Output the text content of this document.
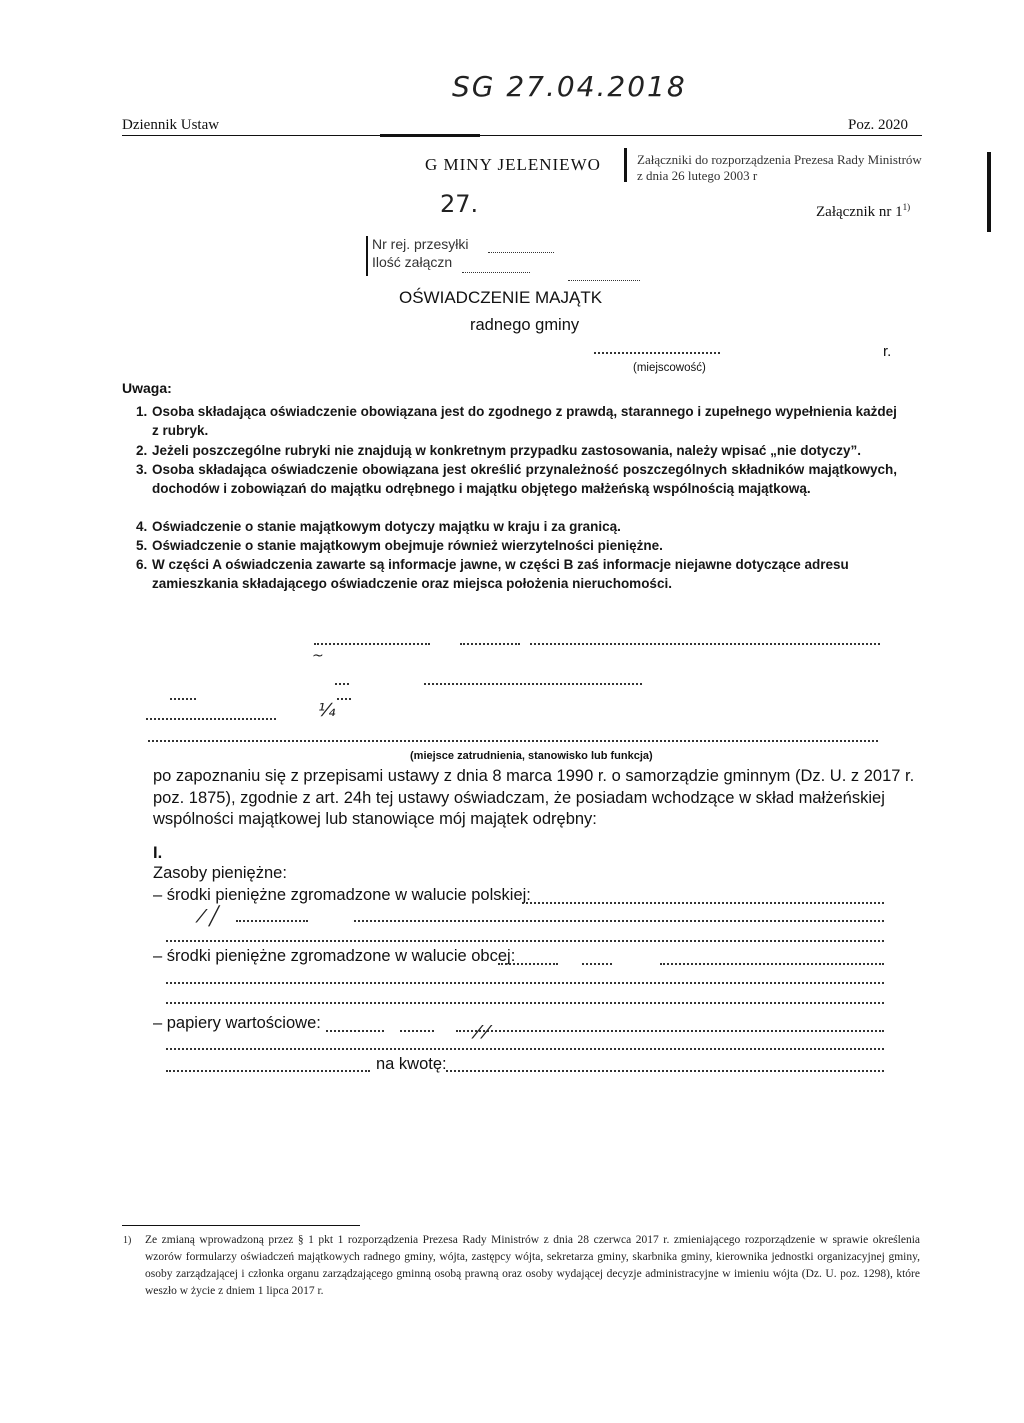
SG 27.04.2018
Dziennik Ustaw	Poz. 2020
G MINY JELENIEWO	Załączniki do rozporządzenia Prezesa Rady Ministrów
z dnia 26 lutego 2003 r
27.	Załącznik nr 1$^{1)}$
Nr rej. przesyłki
Ilość załączn
OŚWIADCZENIE MAJĄTK
radnego gminy
r.
(miejscowość)
Uwaga:
1. Osoba składająca oświadczenie obowiązana jest do zgodnego z prawdą, starannego i zupełnego wypełnienia każdej z rubryk.
2. Jeżeli poszczególne rubryki nie znajdują w konkretnym przypadku zastosowania, należy wpisać „nie dotyczy”.
3. Osoba składająca oświadczenie obowiązana jest określić przynależność poszczególnych składników majątkowych, dochodów i zobowiązań do majątku odrębnego i majątku objętego małżeńską wspólnością majątkową.
4. Oświadczenie o stanie majątkowym dotyczy majątku w kraju i za granicą.
5. Oświadczenie o stanie majątkowym obejmuje również wierzytelności pieniężne.
6. W części A oświadczenia zawarte są informacje jawne, w części B zaś informacje niejawne dotyczące adresu zamieszkania składającego oświadczenie oraz miejsca położenia nieruchomości.
~
¼
(miejsce zatrudnienia, stanowisko lub funkcja)
po zapoznaniu się z przepisami ustawy z dnia 8 marca 1990 r. o samorządzie gminnym (Dz. U. z 2017 r.
poz. 1875), zgodnie z art. 24h tej ustawy oświadczam, że posiadam wchodzące w skład małżeńskiej
wspólności majątkowej lub stanowiące mój majątek odrębny:
I.
Zasoby pieniężne:
– środki pieniężne zgromadzone w walucie polskiej:
⁄ ╱
– środki pieniężne zgromadzone w walucie obcej:
– papiery wartościowe:	⁄ ⁄
na kwotę:
1) Ze zmianą wprowadzoną przez § 1 pkt 1 rozporządzenia Prezesa Rady Ministrów z dnia 28 czerwca 2017 r. zmieniającego rozporządzenie w sprawie określenia wzorów formularzy oświadczeń majątkowych radnego gminy, wójta, zastępcy wójta, sekretarza gminy, skarbnika gminy, kierownika jednostki organizacyjnej gminy, osoby zarządzającej i członka organu zarządzającego gminną osobą prawną oraz osoby wydającej decyzje administracyjne w imieniu wójta (Dz. U. poz. 1298), które weszło w życie z dniem 1 lipca 2017 r.
